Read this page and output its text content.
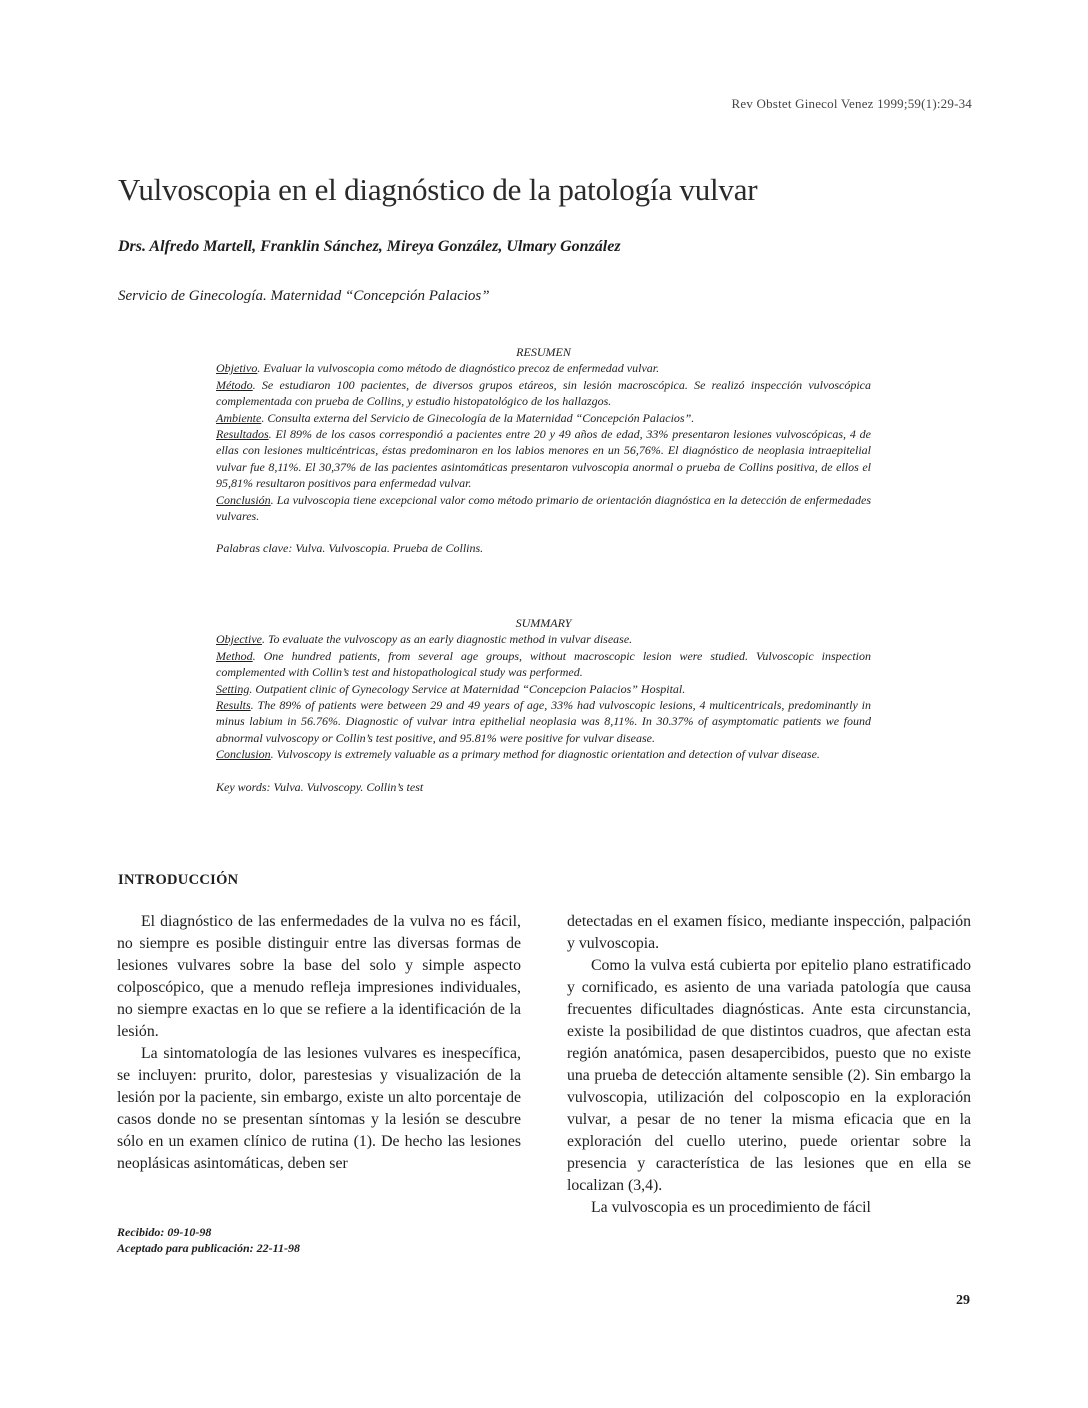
Rev Obstet Ginecol Venez 1999;59(1):29-34
Vulvoscopia en el diagnóstico de la patología vulvar
Drs. Alfredo Martell, Franklin Sánchez, Mireya González, Ulmary González
Servicio de Ginecología. Maternidad “Concepción Palacios”

RESUMEN

Objetivo. Evaluar la vulvoscopia como método de diagnóstico precoz de enfermedad vulvar.

Método. Se estudiaron 100 pacientes, de diversos grupos etáreos, sin lesión macroscópica. Se realizó inspección vulvoscópica complementada con prueba de Collins, y estudio histopatológico de los hallazgos.

Ambiente. Consulta externa del Servicio de Ginecología de la Maternidad “Concepción Palacios”.

Resultados. El 89% de los casos correspondió a pacientes entre 20 y 49 años de edad, 33% presentaron lesiones vulvoscópicas, 4 de ellas con lesiones multicéntricas, éstas predominaron en los labios menores en un 56,76%. El diagnóstico de neoplasia intraepitelial vulvar fue 8,11%. El 30,37% de las pacientes asintomáticas presentaron vulvoscopia anormal o prueba de Collins positiva, de ellos el 95,81% resultaron positivos para enfermedad vulvar.

Conclusión. La vulvoscopia tiene excepcional valor como método primario de orientación diagnóstica en la detección de enfermedades vulvares.

Palabras clave: Vulva. Vulvoscopia. Prueba de Collins.

SUMMARY

Objective. To evaluate the vulvoscopy as an early diagnostic method in vulvar disease.

Method. One hundred patients, from several age groups, without macroscopic lesion were studied. Vulvoscopic inspection complemented with Collin’s test and histopathological study was performed.

Setting. Outpatient clinic of Gynecology Service at Maternidad “Concepcion Palacios” Hospital.

Results. The 89% of patients were between 29 and 49 years of age, 33% had vulvoscopic lesions, 4 multicentricals, predominantly in minus labium in 56.76%. Diagnostic of vulvar intra epithelial neoplasia was 8,11%. In 30.37% of asymptomatic patients we found abnormal vulvoscopy or Collin’s test positive, and 95.81% were positive for vulvar disease.

Conclusion. Vulvoscopy is extremely valuable as a primary method for diagnostic orientation and detection of vulvar disease.

Key words: Vulva. Vulvoscopy. Collin’s test

INTRODUCCIÓN

El diagnóstico de las enfermedades de la vulva no es fácil, no siempre es posible distinguir entre las diversas formas de lesiones vulvares sobre la base del solo y simple aspecto colposcópico, que a menudo refleja impresiones individuales, no siempre exactas en lo que se refiere a la identificación de la lesión.

La sintomatología de las lesiones vulvares es inespecífica, se incluyen: prurito, dolor, parestesias y visualización de la lesión por la paciente, sin embargo, existe un alto porcentaje de casos donde no se presentan síntomas y la lesión se descubre sólo en un examen clínico de rutina (1). De hecho las lesiones neoplásicas asintomáticas, deben ser

detectadas en el examen físico, mediante inspección, palpación y vulvoscopia.

Como la vulva está cubierta por epitelio plano estratificado y cornificado, es asiento de una variada patología que causa frecuentes dificultades diagnósticas. Ante esta circunstancia, existe la posibilidad de que distintos cuadros, que afectan esta región anatómica, pasen desapercibidos, puesto que no existe una prueba de detección altamente sensible (2). Sin embargo la vulvoscopia, utilización del colposcopio en la exploración vulvar, a pesar de no tener la misma eficacia que en la exploración del cuello uterino, puede orientar sobre la presencia y característica de las lesiones que en ella se localizan (3,4).

La vulvoscopia es un procedimiento de fácil

Recibido: 09-10-98
Aceptado para publicación: 22-11-98
29
